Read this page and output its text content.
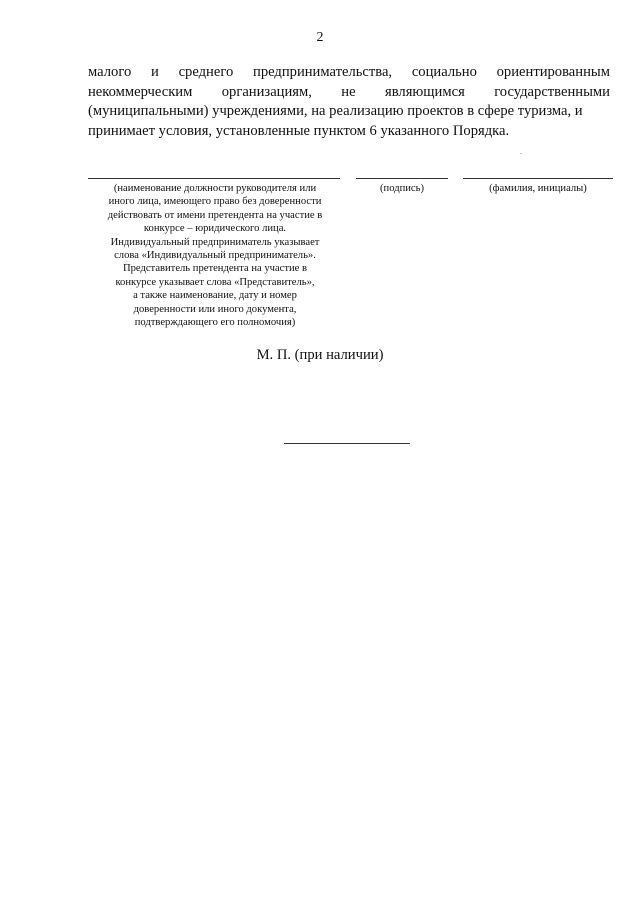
2
малого и среднего предпринимательства, социально ориентированным
некоммерческим организациям, не являющимся государственными
(муниципальными) учреждениями, на реализацию проектов в сфере туризма, и
принимает условия, установленные пунктом 6 указанного Порядка.
(наименование должности руководителя или
иного лица, имеющего право без доверенности
действовать от имени претендента на участие в
конкурсе – юридического лица.
Индивидуальный предприниматель указывает
слова «Индивидуальный предприниматель».
Представитель претендента на участие в
конкурсе указывает слова «Представитель»,
а также наименование, дату и номер
доверенности или иного документа,
подтверждающего его полномочия)
(подпись)	(фамилия, инициалы)
М. П. (при наличии)
